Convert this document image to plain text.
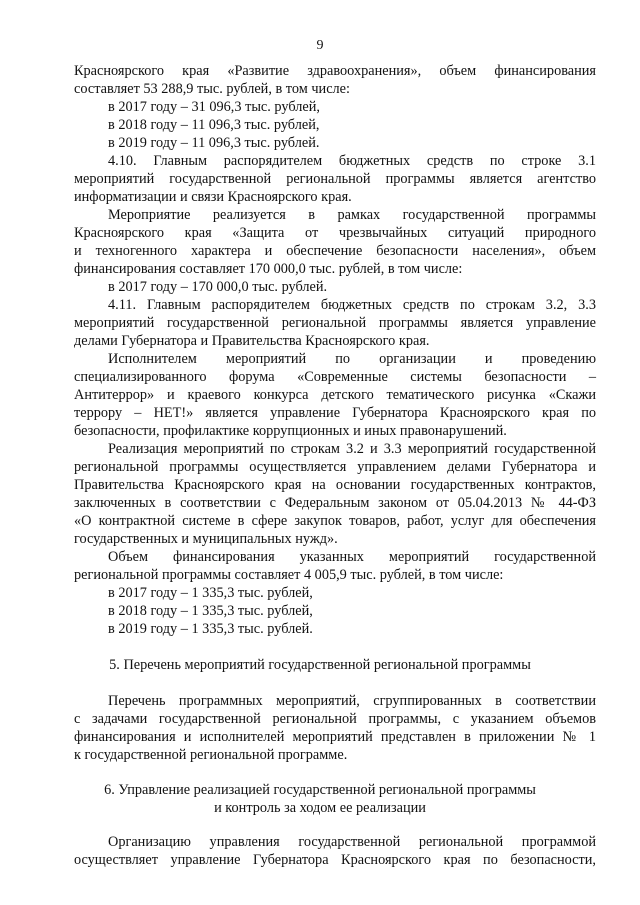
9
Красноярского края «Развитие здравоохранения», объем финансирования
составляет 53 288,9 тыс. рублей, в том числе:
в 2017 году – 31 096,3 тыс. рублей,
в 2018 году – 11 096,3 тыс. рублей,
в 2019 году – 11 096,3 тыс. рублей.
4.10. Главным распорядителем бюджетных средств по строке 3.1
мероприятий государственной региональной программы является агентство
информатизации и связи Красноярского края.
Мероприятие реализуется в рамках государственной программы
Красноярского края «Защита от чрезвычайных ситуаций природного
и техногенного характера и обеспечение безопасности населения», объем
финансирования составляет 170 000,0 тыс. рублей, в том числе:
в 2017 году – 170 000,0 тыс. рублей.
4.11. Главным распорядителем бюджетных средств по строкам 3.2, 3.3
мероприятий государственной региональной программы является управление
делами Губернатора и Правительства Красноярского края.
Исполнителем мероприятий по организации и проведению
специализированного форума «Современные системы безопасности –
Антитеррор» и краевого конкурса детского тематического рисунка «Скажи
террору – НЕТ!» является управление Губернатора Красноярского края по
безопасности, профилактике коррупционных и иных правонарушений.
Реализация мероприятий по строкам 3.2 и 3.3 мероприятий государственной
региональной программы осуществляется управлением делами Губернатора и
Правительства Красноярского края на основании государственных контрактов,
заключенных в соответствии с Федеральным законом от 05.04.2013 № 44-ФЗ
«О контрактной системе в сфере закупок товаров, работ, услуг для обеспечения
государственных и муниципальных нужд».
Объем финансирования указанных мероприятий государственной
региональной программы составляет 4 005,9 тыс. рублей, в том числе:
в 2017 году – 1 335,3 тыс. рублей,
в 2018 году – 1 335,3 тыс. рублей,
в 2019 году – 1 335,3 тыс. рублей.
5. Перечень мероприятий государственной региональной программы
Перечень программных мероприятий, сгруппированных в соответствии
с задачами государственной региональной программы, с указанием объемов
финансирования и исполнителей мероприятий представлен в приложении № 1
к государственной региональной программе.
6. Управление реализацией государственной региональной программы
и контроль за ходом ее реализации
Организацию управления государственной региональной программой
осуществляет управление Губернатора Красноярского края по безопасности,
